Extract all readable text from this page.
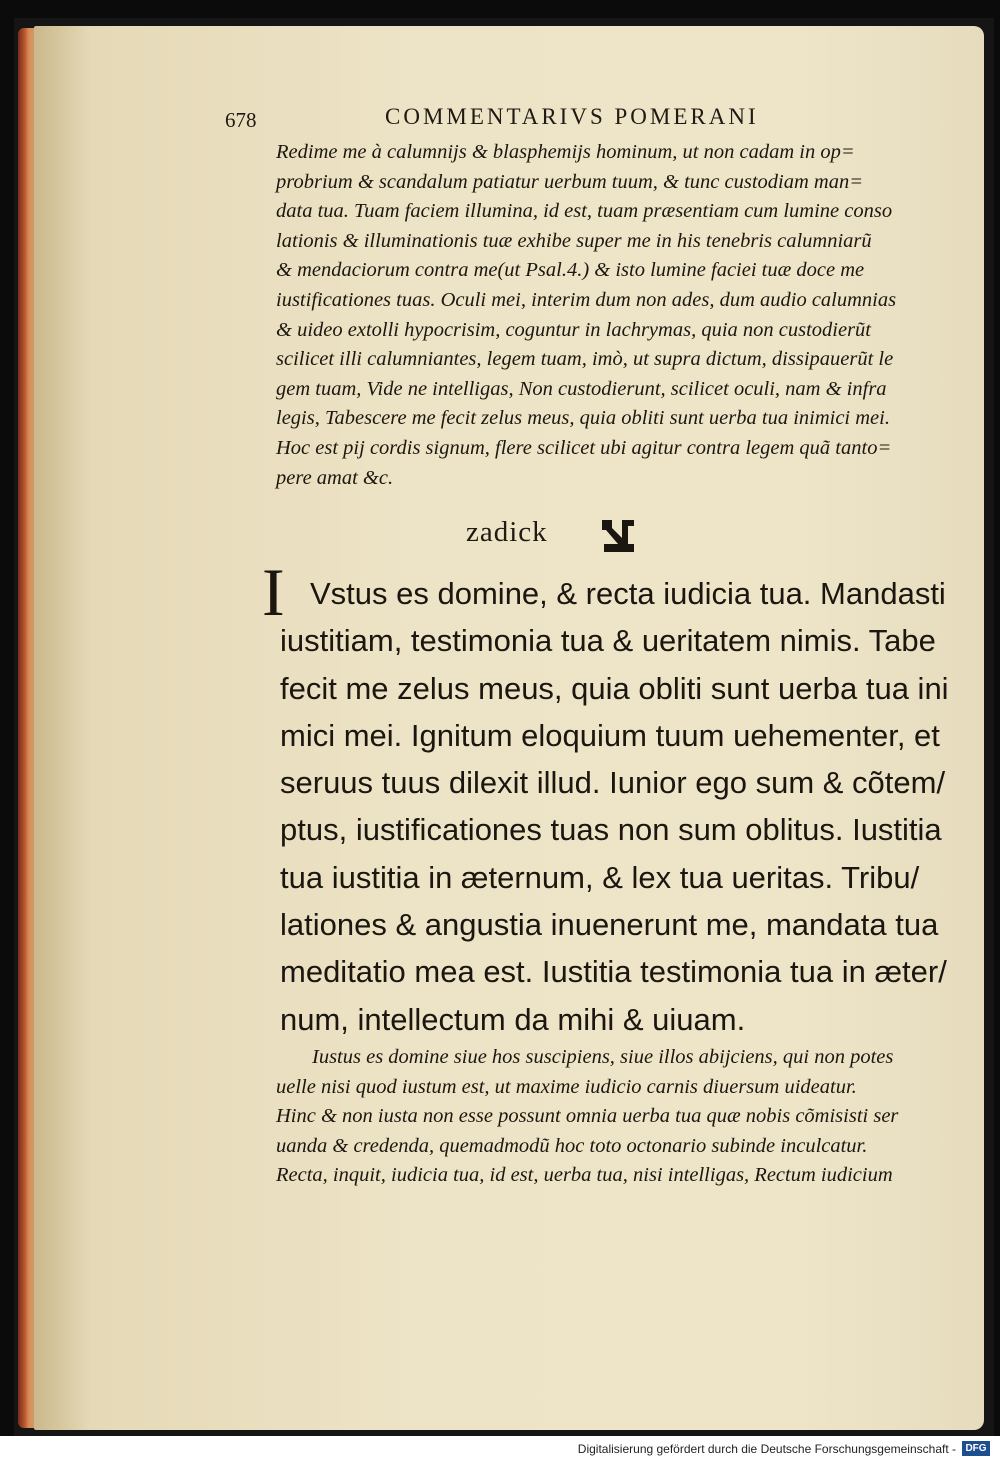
678	COMMENTARIVS POMERANI
Redime me à calumnijs & blasphemijs hominum, ut non cadam in op=
probrium & scandalum patiatur uerbum tuum, & tunc custodiam man=
data tua. Tuam faciem illumina, id est, tuam præsentiam cum lumine conso
lationis & illuminationis tuæ exhibe super me in his tenebris calumniarũ
& mendaciorum contra me(ut Psal.4.) & isto lumine faciei tuæ doce me
iustificationes tuas. Oculi mei, interim dum non ades, dum audio calumnias
& uideo extolli hypocrisim, coguntur in lachrymas, quia non custodierũt
scilicet illi calumniantes, legem tuam, imò, ut supra dictum, dissipauerũt le
gem tuam, Vide ne intelligas, Non custodierunt, scilicet oculi, nam & infra
legis, Tabescere me fecit zelus meus, quia obliti sunt uerba tua inimici mei.
Hoc est pij cordis signum, flere scilicet ubi agitur contra legem quã tanto=
pere amat &c.
zadick
I Vstus es domine, & recta iudicia tua. Mandasti
iustitiam, testimonia tua & ueritatem nimis. Tabe
fecit me zelus meus, quia obliti sunt uerba tua ini
mici mei. Ignitum eloquium tuum uehementer, et
seruus tuus dilexit illud. Iunior ego sum & cõtem/
ptus, iustificationes tuas non sum oblitus. Iustitia
tua iustitia in æternum, & lex tua ueritas. Tribu/
lationes & angustia inuenerunt me, mandata tua
meditatio mea est. Iustitia testimonia tua in æter/
num, intellectum da mihi & uiuam.
Iustus es domine siue hos suscipiens, siue illos abijciens, qui non potes
uelle nisi quod iustum est, ut maxime iudicio carnis diuersum uideatur.
Hinc & non iusta non esse possunt omnia uerba tua quæ nobis cõmisisti ser
uanda & credenda, quemadmodũ hoc toto octonario subinde inculcatur.
Recta, inquit, iudicia tua, id est, uerba tua, nisi intelligas, Rectum iudicium
Digitalisierung gefördert durch die Deutsche Forschungsgemeinschaft - DFG
